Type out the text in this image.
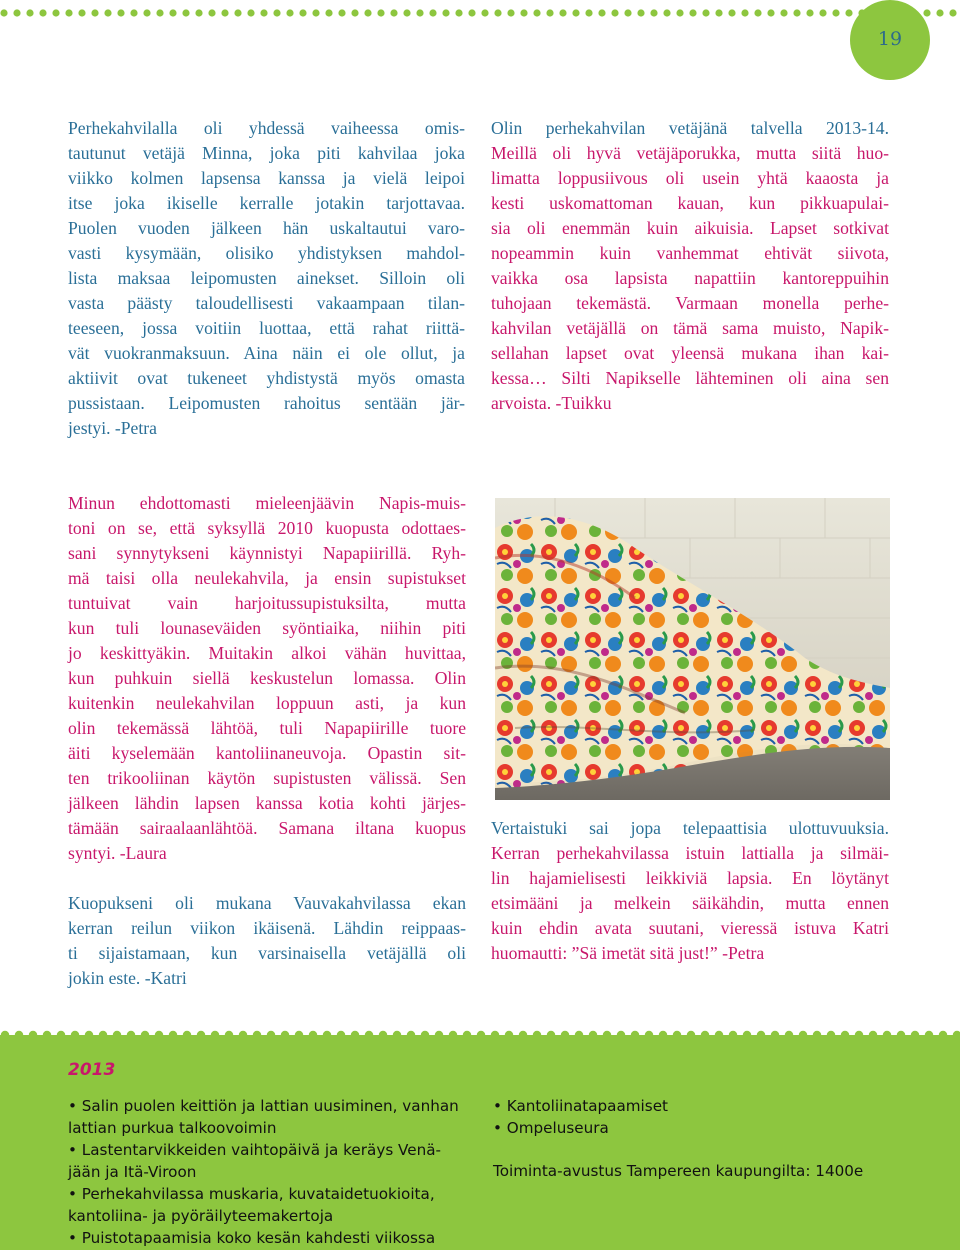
19

Perhekahvilalla oli yhdessä vaiheessa omis-

tautunut vetäjä Minna, joka piti kahvilaa joka

viikko kolmen lapsensa kanssa ja vielä leipoi

itse joka ikiselle kerralle jotakin tarjottavaa.

Puolen vuoden jälkeen hän uskaltautui varo-

vasti kysymään, olisiko yhdistyksen mahdol-

lista maksaa leipomusten ainekset. Silloin oli

vasta päästy taloudellisesti vakaampaan tilan-

teeseen, jossa voitiin luottaa, että rahat riittä-

vät vuokranmaksuun. Aina näin ei ole ollut, ja

aktiivit ovat tukeneet yhdistystä myös omasta

pussistaan. Leipomusten rahoitus sentään jär-

jestyi. -Petra

Olin perhekahvilan vetäjänä talvella 2013-14.

Meillä oli hyvä vetäjäporukka, mutta siitä huo-

limatta loppusiivous oli usein yhtä kaaosta ja

kesti uskomattoman kauan, kun pikkuapulai-

sia oli enemmän kuin aikuisia. Lapset sotkivat

nopeammin kuin vanhemmat ehtivät siivota,

vaikka osa lapsista napattiin kantoreppuihin

tuhojaan tekemästä. Varmaan monella perhe-

kahvilan vetäjällä on tämä sama muisto, Napik-

sellahan lapset ovat yleensä mukana ihan kai-

kessa… Silti Napikselle lähteminen oli aina sen

arvoista. -Tuikku

Minun ehdottomasti mieleenjäävin Napis-muis-

toni on se, että syksyllä 2010 kuopusta odottaes-

sani synnytykseni käynnistyi Napapiirillä. Ryh-

mä taisi olla neulekahvila, ja ensin supistukset

tuntuivat vain harjoitussupistuksilta, mutta

kun tuli lounaseväiden syöntiaika, niihin piti

jo keskittyäkin. Muitakin alkoi vähän huvittaa,

kun puhkuin siellä keskustelun lomassa. Olin

kuitenkin neulekahvilan loppuun asti, ja kun

olin tekemässä lähtöä, tuli Napapiirille tuore

äiti kyselemään kantoliinaneuvoja. Opastin sit-

ten trikooliinan käytön supistusten välissä. Sen

jälkeen lähdin lapsen kanssa kotia kohti järjes-

tämään sairaalaanlähtöä. Samana iltana kuopus

syntyi. -Laura

Kuopukseni oli mukana Vauvakahvilassa ekan

kerran reilun viikon ikäisenä. Lähdin reippaas-

ti sijaistamaan, kun varsinaisella vetäjällä oli

jokin este. -Katri

Vertaistuki sai jopa telepaattisia ulottuvuuksia.

Kerran perhekahvilassa istuin lattialla ja silmäi-

lin hajamielisesti leikkiviä lapsia. En löytänyt

etsimääni ja melkein säikähdin, mutta ennen

kuin ehdin avata suutani, vieressä istuva Katri

huomautti: ”Sä imetät sitä just!” -Petra

2013
• Salin puolen keittiön ja lattian uusiminen, vanhan
lattian purkua talkoovoimin
• Lastentarvikkeiden vaihtopäivä ja keräys Venä-
jään ja Itä-Viroon
• Perhekahvilassa muskaria, kuvataidetuokioita,
kantoliina- ja pyöräilyteemakertoja
• Puistotapaamisia koko kesän kahdesti viikossa
• Kantoliinatapaamiset
• Ompeluseura
Toiminta-avustus Tampereen kaupungilta: 1400e
